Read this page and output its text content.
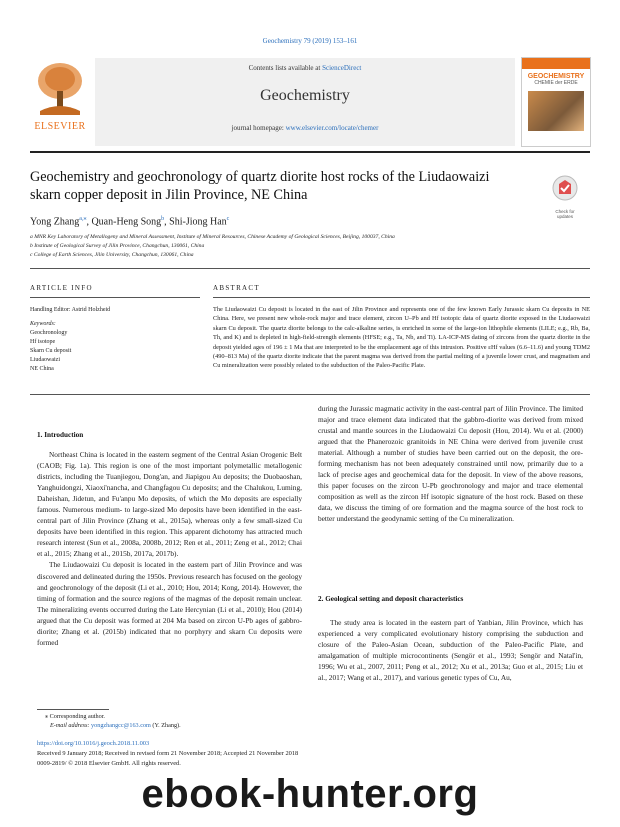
Geochemistry 79 (2019) 153–161
ELSEVIER
Contents lists available at ScienceDirect
Geochemistry
journal homepage: www.elsevier.com/locate/chemer
GEOCHEMISTRY
CHEMIE der ERDE
Geochemistry and geochronology of quartz diorite host rocks of the Liudaowaizi skarn copper deposit in Jilin Province, NE China
Check for updates
Yong Zhang$^{a,⁎}$, Quan-Heng Song$^b$, Shi-Jiong Han$^c$
a MNR Key Laboratory of Metallogeny and Mineral Assessment, Institute of Mineral Resources, Chinese Academy of Geological Sciences, Beijing, 100037, China
b Institute of Geological Survey of Jilin Province, Changchun, 130061, China
c College of Earth Sciences, Jilin University, Changchun, 130061, China
ARTICLE INFO	ABSTRACT
Handling Editor: Astrid Holzheid
Keywords:
Geochronology
Hf isotope
Skarn Cu deposit
Liudaowaizi
NE China
The Liudaowaizi Cu deposit is located in the east of Jilin Province and represents one of the few known Early Jurassic skarn Cu deposits in NE China. Here, we present new whole-rock major and trace element, zircon U–Pb and Hf isotopic data of quartz diorite exposed in the Liudaowaizi skarn Cu deposit. The quartz diorite belongs to the calc-alkaline series, is enriched in some of the large-ion lithophile elements (LILE; e.g., Rb, Ba, Th, and K) and is depleted in high-field-strength elements (HFSE; e.g., Ta, Nb, and Ti). LA-ICP-MS dating of zircons from the quartz diorite in the deposit yielded ages of 196 ± 1 Ma that are interpreted to be the emplacement age of this intrusion. Positive εHf values (6.6–11.6) and young TDM2 (490–813 Ma) of the quartz diorite indicate that the parent magma was derived from the partial melting of a juvenile lower crust, and magmatism and Cu mineralization were possibly related to the subduction of the Paleo-Pacific Plate.
1. Introduction

Northeast China is located in the eastern segment of the Central Asian Orogenic Belt (CAOB; Fig. 1a). This region is one of the most important polymetallic metallogenic districts, including the Tuanjiegou, Dong'an, and Jiapigou Au deposits; the Duobaoshan, Yanghuidongzi, Xiaoxi'nancha, and Changfagou Cu deposits; and the Chalukou, Luming, Daheishan, Jidetun, and Fu'anpu Mo deposits, of which the Mo deposits are especially famous. Numerous medium- to large-sized Mo deposits have been identified in the east-central part of Jilin Province (Zhang et al., 2015a), whereas only a few small-sized Cu deposits have been identified in this region. This apparent dichotomy has attracted much research interest (Sun et al., 2008a, 2008b, 2012; Ren et al., 2011; Zeng et al., 2012; Chai et al., 2015; Zhang et al., 2015b, 2017a, 2017b).

The Liudaowaizi Cu deposit is located in the eastern part of Jilin Province and was discovered and delineated during the 1950s. Previous research has focused on the geology and geochronology of the deposit (Li et al., 2010; Hou, 2014; Kong, 2014). However, the timing of formation and the source regions of the magmas of the deposit remain unclear. The mineralizing events occurred during the Late Hercynian (Li et al., 2010); Hou (2014) argued that the Cu deposit was formed at 204 Ma based on zircon U-Pb ages of gabbro-diorite; Zhang et al. (2015b) indicated that no porphyry and skarn Cu deposits were formed

during the Jurassic magmatic activity in the east-central part of Jilin Province. The limited major and trace element data indicated that the gabbro-diorite was derived from mixed crustal and mantle sources in the Liudaowaizi Cu deposit (Hou, 2014). Wu et al. (2000) argued that the Phanerozoic granitoids in NE China were derived from juvenile crust material. Although a number of studies have been carried out on the deposit, the ore-forming mechanism has not been adequately constrained until now, primarily due to a lack of precise ages and geochemical data for the deposit. In view of the above reasons, this paper focuses on the zircon U-Pb geochronology and major and trace elemental composition as well as the zircon Hf isotopic signature of the host rock. Based on these data, we discuss the timing of ore formation and the magma source of the host rock to better understand the geodynamic setting of the Cu mineralization.

2. Geological setting and deposit characteristics

The study area is located in the eastern part of Yanbian, Jilin Province, which has experienced a very complicated evolutionary history comprising the subduction and closure of the Paleo-Asian Ocean, subduction of the Paleo-Pacific Plate, and amalgamation of multiple microcontinents (Sengör et al., 1993; Sengör and Natal'in, 1996; Wu et al., 2007, 2011; Peng et al., 2012; Xu et al., 2013a; Guo et al., 2015; Liu et al., 2017; Wang et al., 2017), and various genetic types of Cu, Au,

⁎ Corresponding author.
E-mail address: yongzhangcc@163.com (Y. Zhang).
https://doi.org/10.1016/j.geoch.2018.11.003
Received 9 January 2018; Received in revised form 21 November 2018; Accepted 21 November 2018
0009-2819/ © 2018 Elsevier GmbH. All rights reserved.
ebook-hunter.org
